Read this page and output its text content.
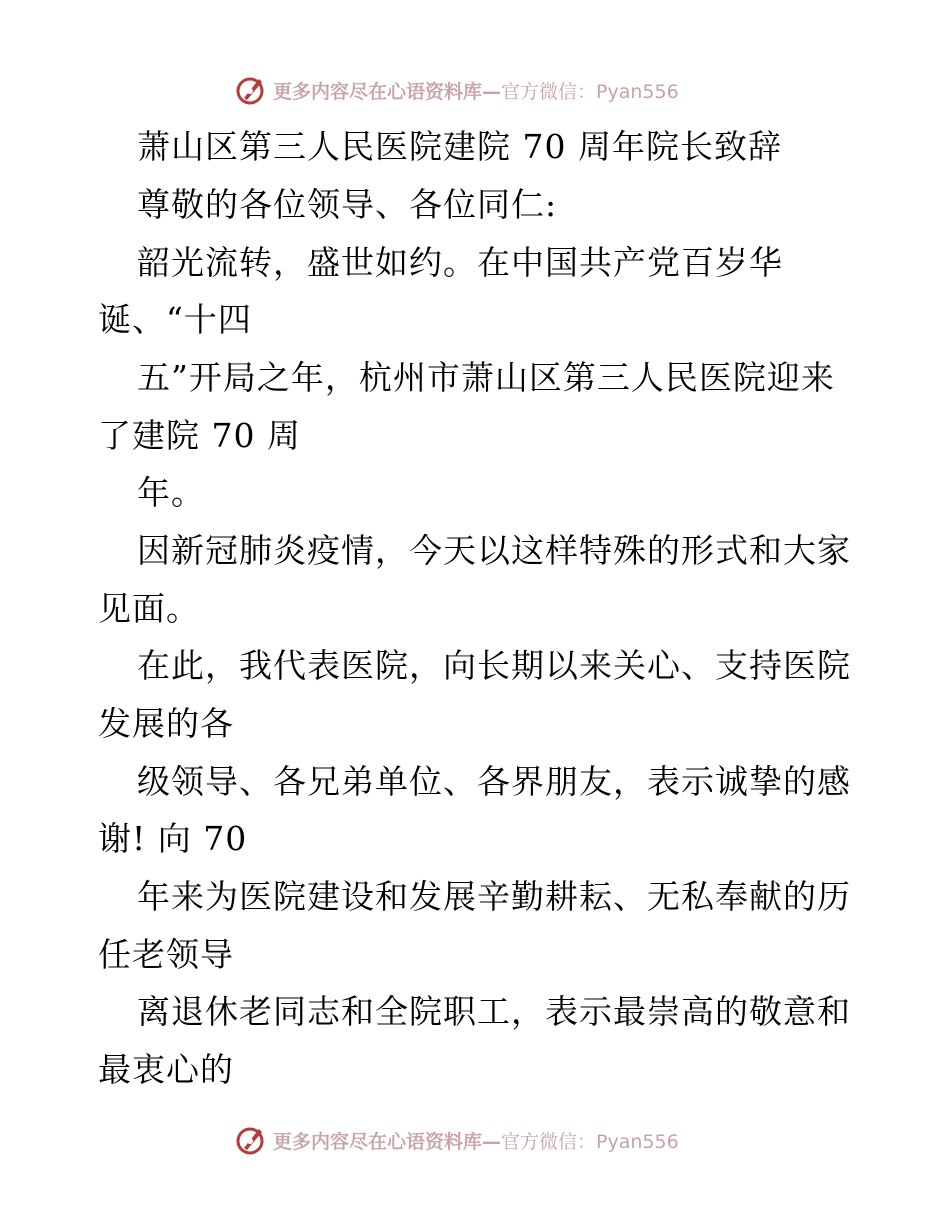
更多内容尽在心语资料库— 官方微信：Pyan556
萧山区第三人民医院建院 70 周年院长致辞
尊敬的各位领导、各位同仁:
韶光流转，盛世如约。在中国共产党百岁华
诞、“十四
五”开局之年，杭州市萧山区第三人民医院迎来
了建院 70 周
年。
因新冠肺炎疫情，今天以这样特殊的形式和大家
见面。
在此，我代表医院，向长期以来关心、支持医院
发展的各
级领导、各兄弟单位、各界朋友，表示诚挚的感
谢! 向 70
年来为医院建设和发展辛勤耕耘、无私奉献的历
任老领导
离退休老同志和全院职工，表示最崇高的敬意和
最衷心的
更多内容尽在心语资料库— 官方微信：Pyan556
